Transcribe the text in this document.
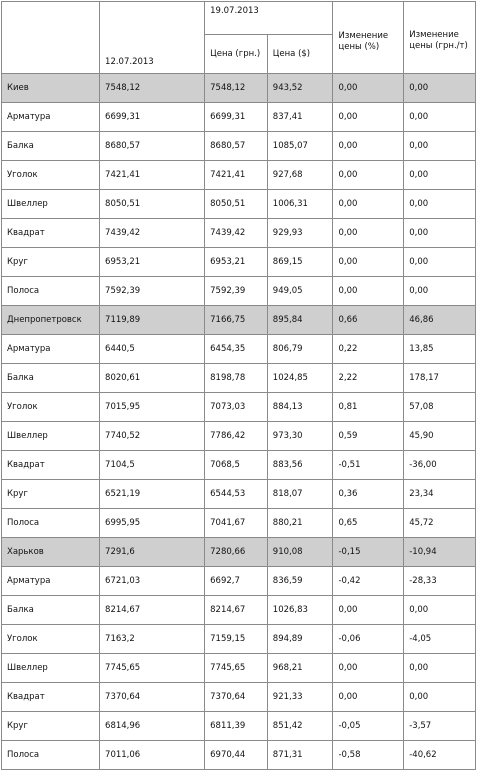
	12.07.2013	19.07.2013		Изменение цены (%)	Изменение цены (грн./т)
		Цена (грн.)	Цена ($)		
Киев	7548,12	7548,12	943,52	0,00	0,00
Арматура	6699,31	6699,31	837,41	0,00	0,00
Балка	8680,57	8680,57	1085,07	0,00	0,00
Уголок	7421,41	7421,41	927,68	0,00	0,00
Швеллер	8050,51	8050,51	1006,31	0,00	0,00
Квадрат	7439,42	7439,42	929,93	0,00	0,00
Круг	6953,21	6953,21	869,15	0,00	0,00
Полоса	7592,39	7592,39	949,05	0,00	0,00
Днепропетровск	7119,89	7166,75	895,84	0,66	46,86
Арматура	6440,5	6454,35	806,79	0,22	13,85
Балка	8020,61	8198,78	1024,85	2,22	178,17
Уголок	7015,95	7073,03	884,13	0,81	57,08
Швеллер	7740,52	7786,42	973,30	0,59	45,90
Квадрат	7104,5	7068,5	883,56	-0,51	-36,00
Круг	6521,19	6544,53	818,07	0,36	23,34
Полоса	6995,95	7041,67	880,21	0,65	45,72
Харьков	7291,6	7280,66	910,08	-0,15	-10,94
Арматура	6721,03	6692,7	836,59	-0,42	-28,33
Балка	8214,67	8214,67	1026,83	0,00	0,00
Уголок	7163,2	7159,15	894,89	-0,06	-4,05
Швеллер	7745,65	7745,65	968,21	0,00	0,00
Квадрат	7370,64	7370,64	921,33	0,00	0,00
Круг	6814,96	6811,39	851,42	-0,05	-3,57
Полоса	7011,06	6970,44	871,31	-0,58	-40,62
